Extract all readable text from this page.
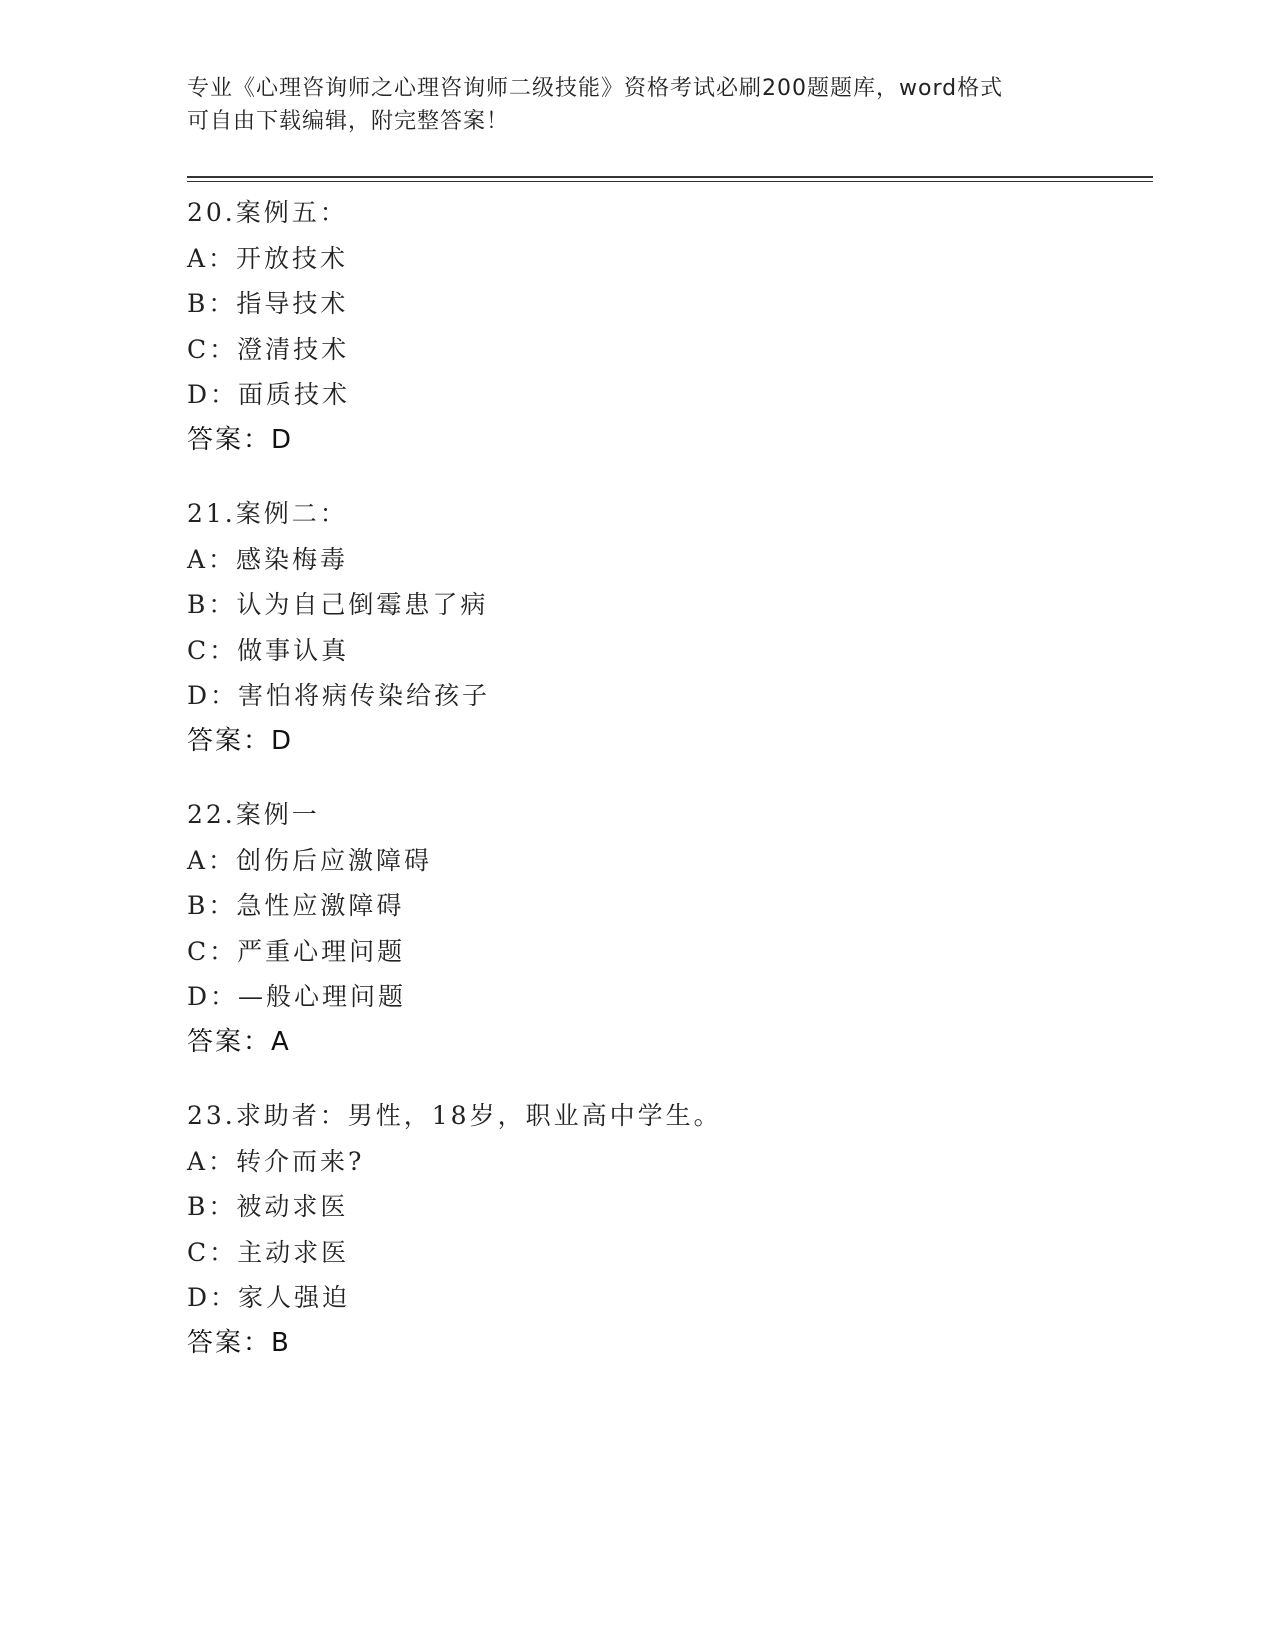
专业《心理咨询师之心理咨询师二级技能》资格考试必刷200题题库，word格式
可自由下载编辑，附完整答案！
20.案例五：
A：开放技术
B：指导技术
C：澄清技术
D：面质技术
答案：D
21.案例二：
A：感染梅毒
B：认为自己倒霉患了病
C：做事认真
D：害怕将病传染给孩子
答案：D
22.案例一
A：创伤后应激障碍
B：急性应激障碍
C：严重心理问题
D：—般心理问题
答案：A
23.求助者：男性，18岁，职业高中学生。
A：转介而来?
B：被动求医
C：主动求医
D：家人强迫
答案：B
